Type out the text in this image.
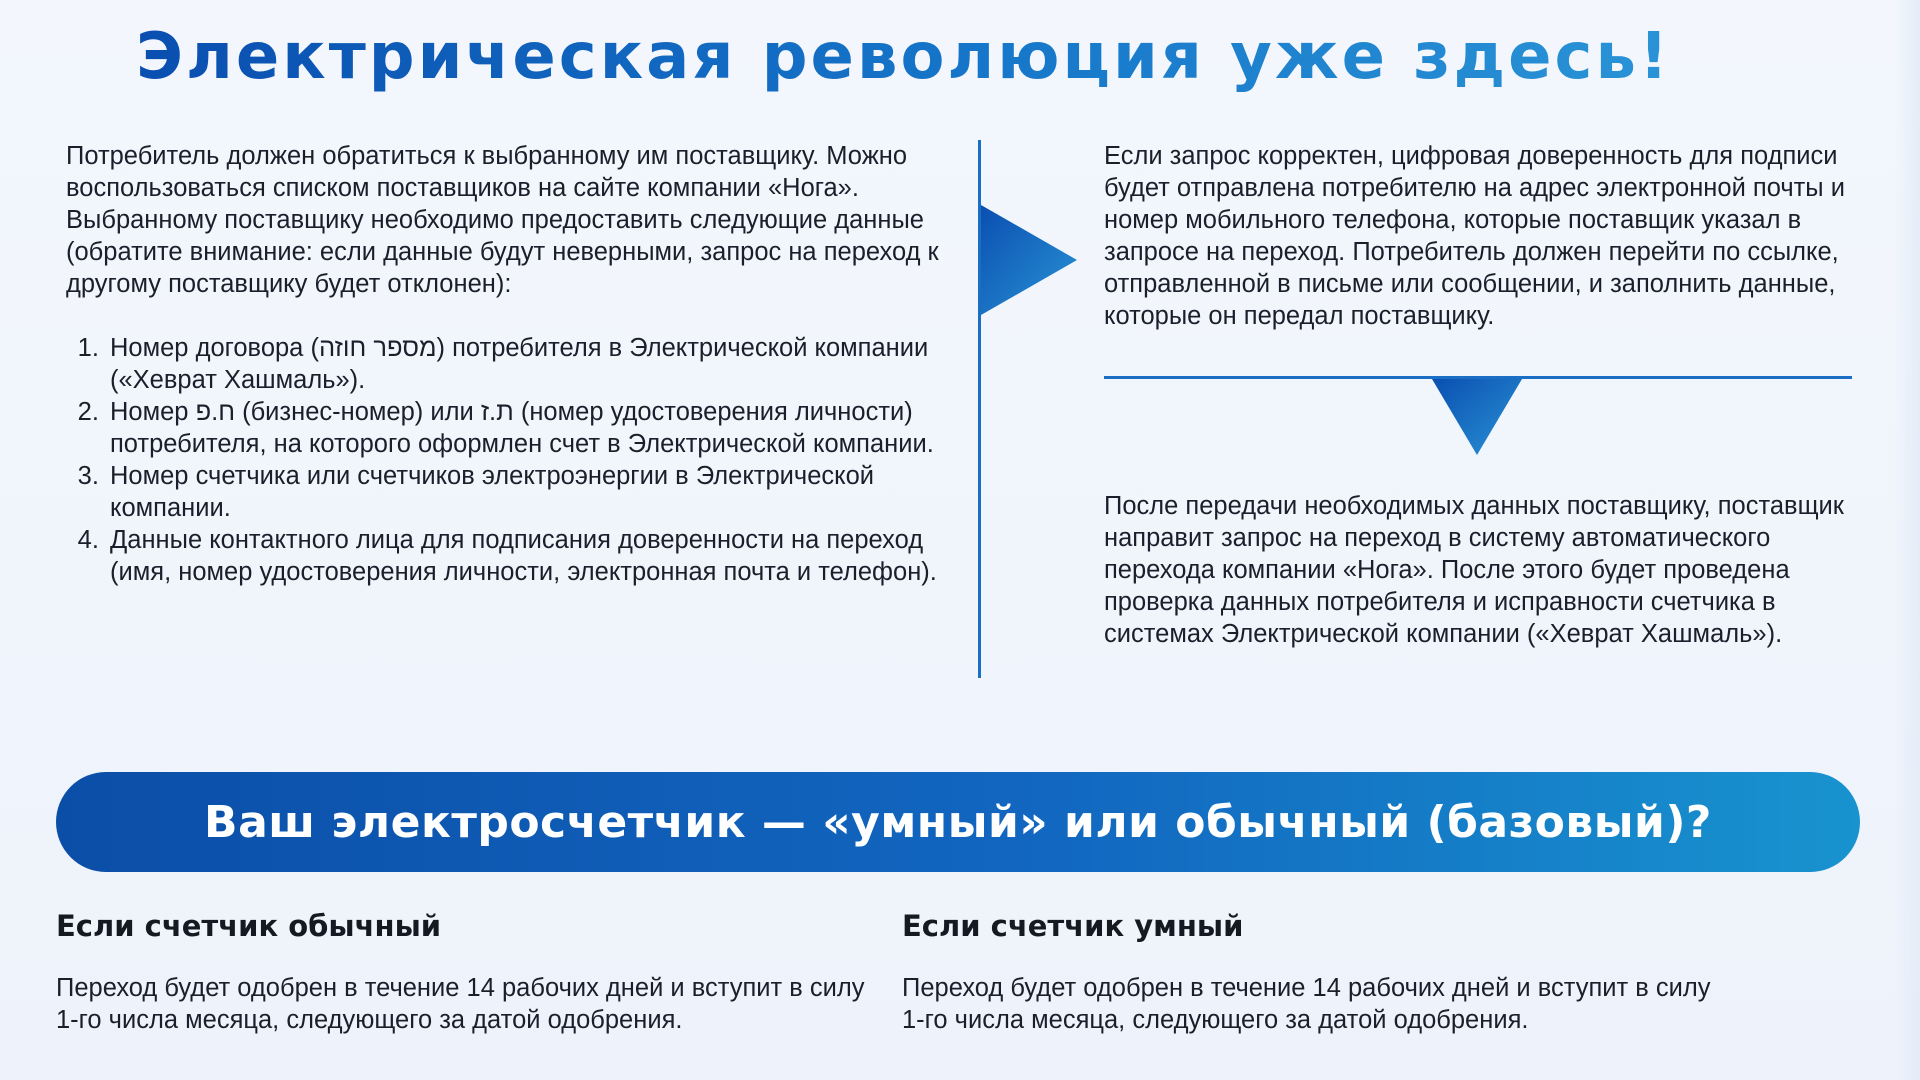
Электрическая революция уже здесь!

Потребитель должен обратиться к выбранному им поставщику. Можно воспользоваться списком поставщиков на сайте компании «Нога». Выбранному поставщику необходимо предоставить следующие данные (обратите внимание: если данные будут неверными, запрос на переход к другому поставщику будет отклонен):

1. Номер договора (מספר חוזה) потребителя в Электрической компании («Хеврат Хашмаль»).
2. Номер ח.פ (бизнес-номер) или ת.ז (номер удостоверения личности) потребителя, на которого оформлен счет в Электрической компании.
3. Номер счетчика или счетчиков электроэнергии в Электрической компании.
4. Данные контактного лица для подписания доверенности на переход (имя, номер удостоверения личности, электронная почта и телефон).

Если запрос корректен, цифровая доверенность для подписи будет отправлена потребителю на адрес электронной почты и номер мобильного телефона, которые поставщик указал в запросе на переход. Потребитель должен перейти по ссылке, отправленной в письме или сообщении, и заполнить данные, которые он передал поставщику.

После передачи необходимых данных поставщику, поставщик направит запрос на переход в систему автоматического перехода компании «Нога». После этого будет проведена проверка данных потребителя и исправности счетчика в системах Электрической компании («Хеврат Хашмаль»).

Ваш электросчетчик — «умный» или обычный (базовый)?
Если счетчик обычный

Переход будет одобрен в течение 14 рабочих дней и вступит в силу 1-го числа месяца, следующего за датой одобрения.

Если счетчик умный

Переход будет одобрен в течение 14 рабочих дней и вступит в силу 1-го числа месяца, следующего за датой одобрения.
